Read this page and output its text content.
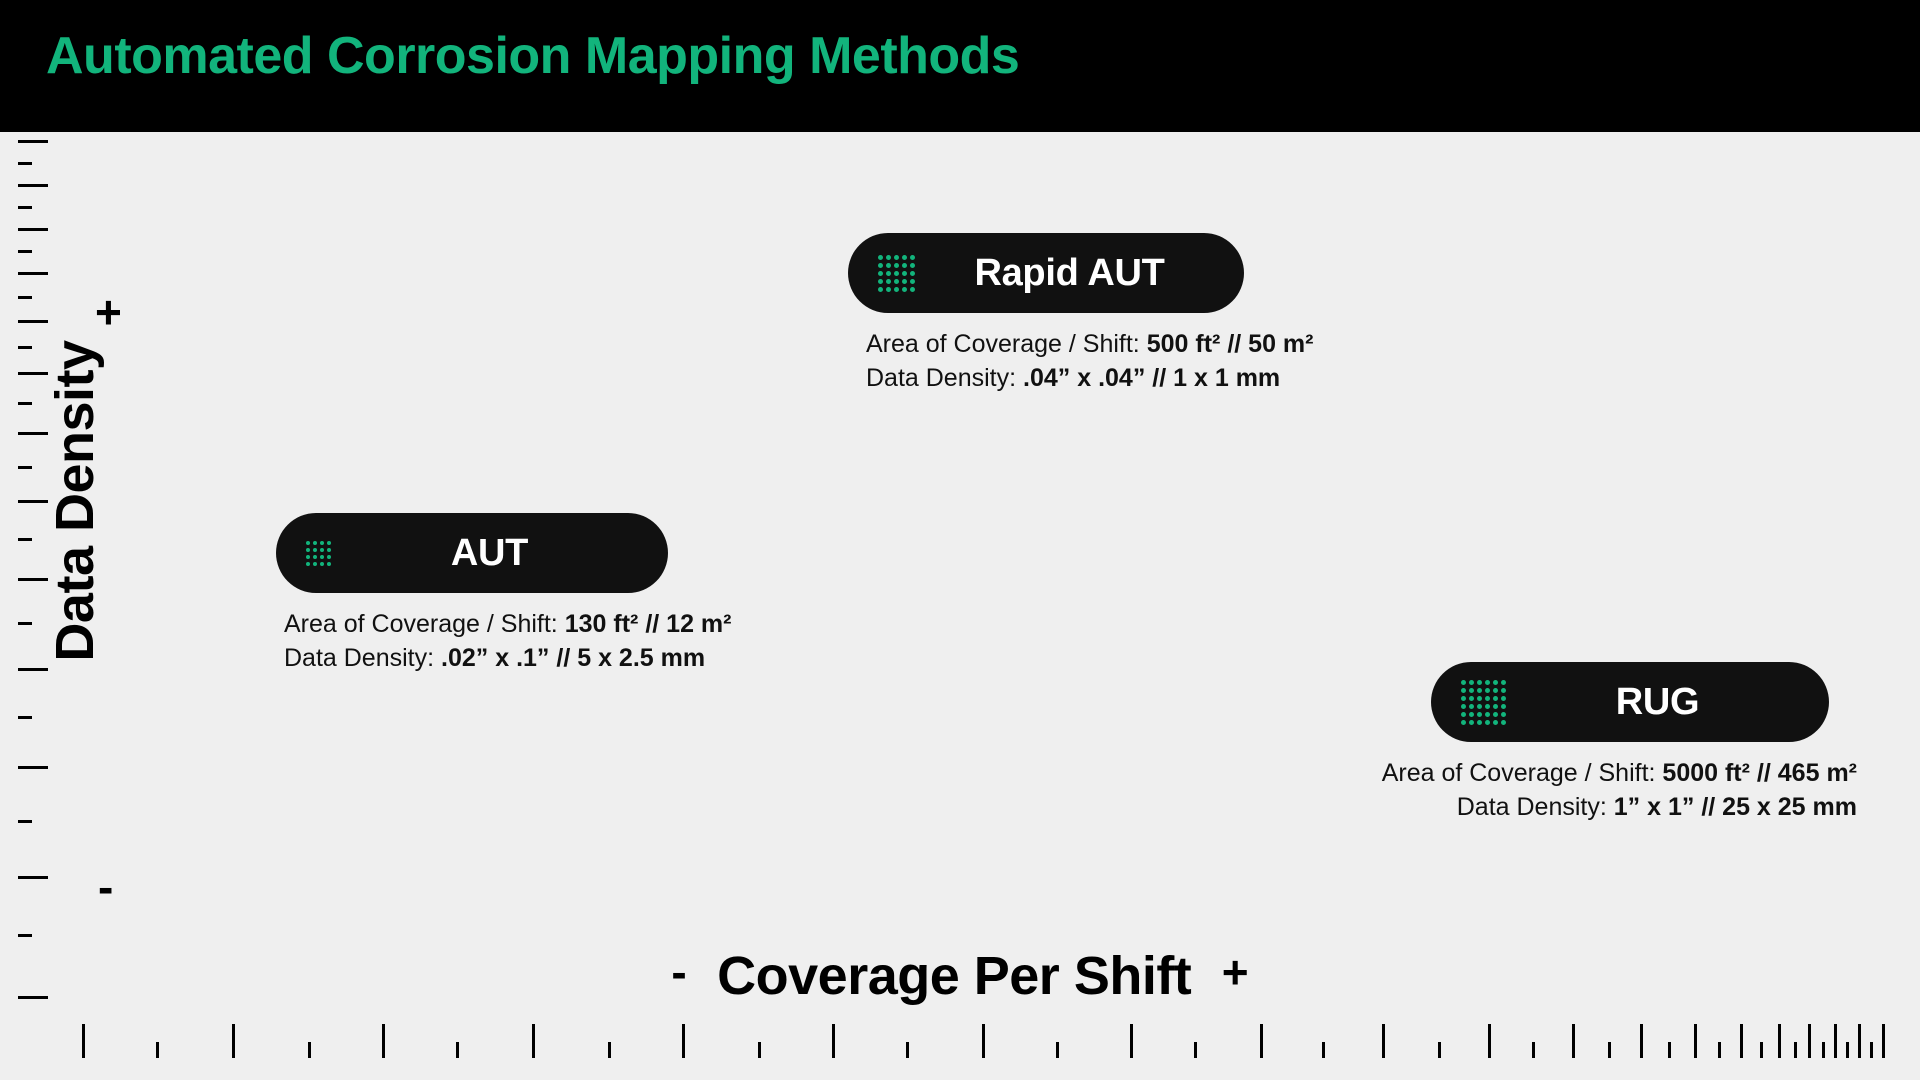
Automated Corrosion Mapping Methods
+
Data Density
-
- Coverage Per Shift +
AUT
Area of Coverage / Shift: 130 ft² // 12 m²
Data Density: .02” x .1” // 5 x 2.5 mm
Rapid AUT
Area of Coverage / Shift: 500 ft² // 50 m²
Data Density: .04” x .04” // 1 x 1 mm
RUG
Area of Coverage / Shift: 5000 ft² // 465 m²
Data Density: 1” x 1” // 25 x 25 mm
